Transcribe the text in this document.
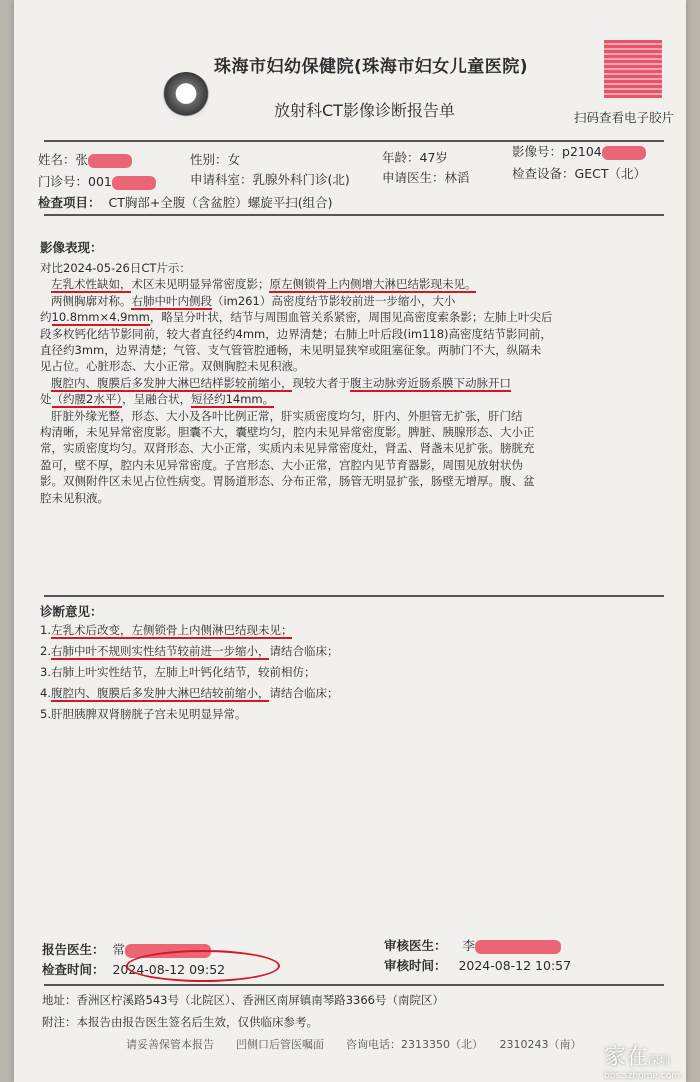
珠海市妇幼保健院(珠海市妇女儿童医院)
放射科CT影像诊断报告单	扫码查看电子胶片
姓名：张	性别：女	年龄：47岁	影像号：p2104
门诊号：001	申请科室：乳腺外科门诊(北)	申请医生：林滔	检查设备：GECT（北）
检查项目： CT胸部+全腹（含盆腔）螺旋平扫(组合)
影像表现：
对比2024-05-26日CT片示：
左乳术性缺如，术区未见明显异常密度影；原左侧锁骨上内侧增大淋巴结影现未见。
两侧胸廓对称。右肺中叶内侧段（im261）高密度结节影较前进一步缩小，大小
约10.8mm×4.9mm，略呈分叶状，结节与周围血管关系紧密，周围见高密度索条影；左肺上叶尖后
段多枚钙化结节影同前，较大者直径约4mm，边界清楚；右肺上叶后段(im118)高密度结节影同前，
直径约3mm，边界清楚；气管、支气管管腔通畅，未见明显狭窄或阻塞征象。两肺门不大，纵隔未
见占位。心脏形态、大小正常。双侧胸腔未见积液。
腹腔内、腹膜后多发肿大淋巴结样影较前缩小，现较大者于腹主动脉旁近肠系膜下动脉开口
处（约腰2水平），呈融合状，短径约14mm。
肝脏外缘光整，形态、大小及各叶比例正常，肝实质密度均匀，肝内、外胆管无扩张，肝门结
构清晰，未见异常密度影。胆囊不大，囊壁均匀，腔内未见异常密度影。脾脏、胰腺形态、大小正
常，实质密度均匀。双肾形态、大小正常，实质内未见异常密度灶，肾盂、肾盏未见扩张。膀胱充
盈可，壁不厚，腔内未见异常密度。子宫形态、大小正常，宫腔内见节育器影，周围见放射状伪
影。双侧附件区未见占位性病变。胃肠道形态、分布正常，肠管无明显扩张，肠壁无增厚。腹、盆
腔未见积液。
诊断意见：
1.左乳术后改变，左侧锁骨上内侧淋巴结现未见；
2.右肺中叶不规则实性结节较前进一步缩小，请结合临床；
3.右肺上叶实性结节，左肺上叶钙化结节，较前相仿；
4.腹腔内、腹膜后多发肿大淋巴结较前缩小，请结合临床；
5.肝胆胰脾双肾膀胱子宫未见明显异常。
报告医生： 常	审核医生： 李
检查时间： 2024-08-12 09:52	审核时间： 2024-08-12 10:57
地址：香洲区柠溪路543号（北院区）、香洲区南屏镇南琴路3366号（南院区）
附注：本报告由报告医生签名后生效，仅供临床参考。
请妥善保管本报告　　凹侧口后管医嘱面　　咨询电话：2313350（北）　　2310243（南）
家在深圳
bbs.szhome.com
